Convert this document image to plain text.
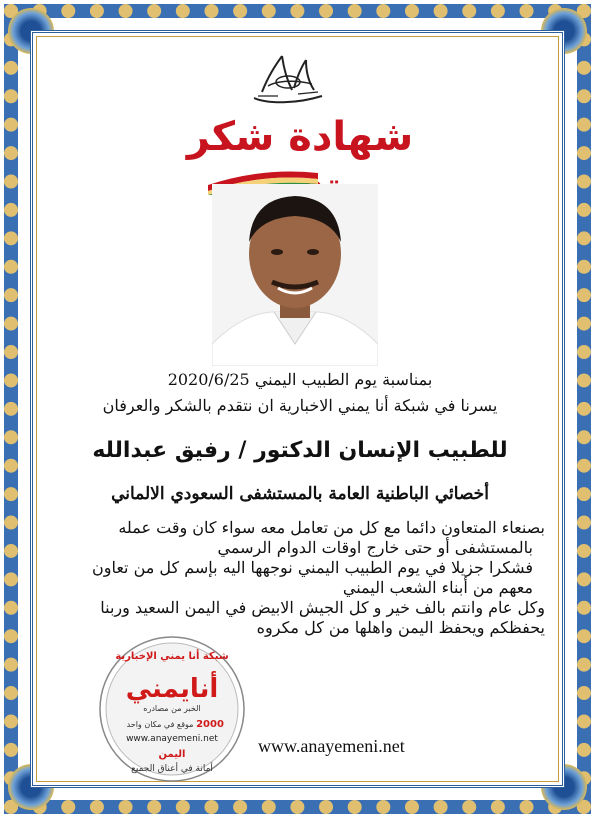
شهادة شكر
بمناسبة يوم الطبيب اليمني 2020/6/25
يسرنا في شبكة أنا يمني الاخبارية ان نتقدم بالشكر والعرفان
للطبيب الإنسان الدكتور / رفيق عبدالله
أخصائي الباطنية العامة بالمستشفى السعودي الالماني
بصنعاء المتعاون دائما مع كل من تعامل معه سواء كان وقت عمله
بالمستشفى أو حتى خارج اوقات الدوام الرسمي
فشكرا جزيلا في يوم الطبيب اليمني نوجهها اليه بإسم كل من تعاون
معهم من أبناء الشعب اليمني
وكل عام وانتم بالف خير و كل الجيش الابيض في اليمن السعيد وربنا
يحفظكم ويحفظ اليمن واهلها من كل مكروه
شبكة أنا يمني الإخبارية
أنايمني
الخبر من مصادره
2000
موقع في مكان واحد
www.anayemeni.net
اليمن
أمانة في أعناق الجميع
www.anayemeni.net
